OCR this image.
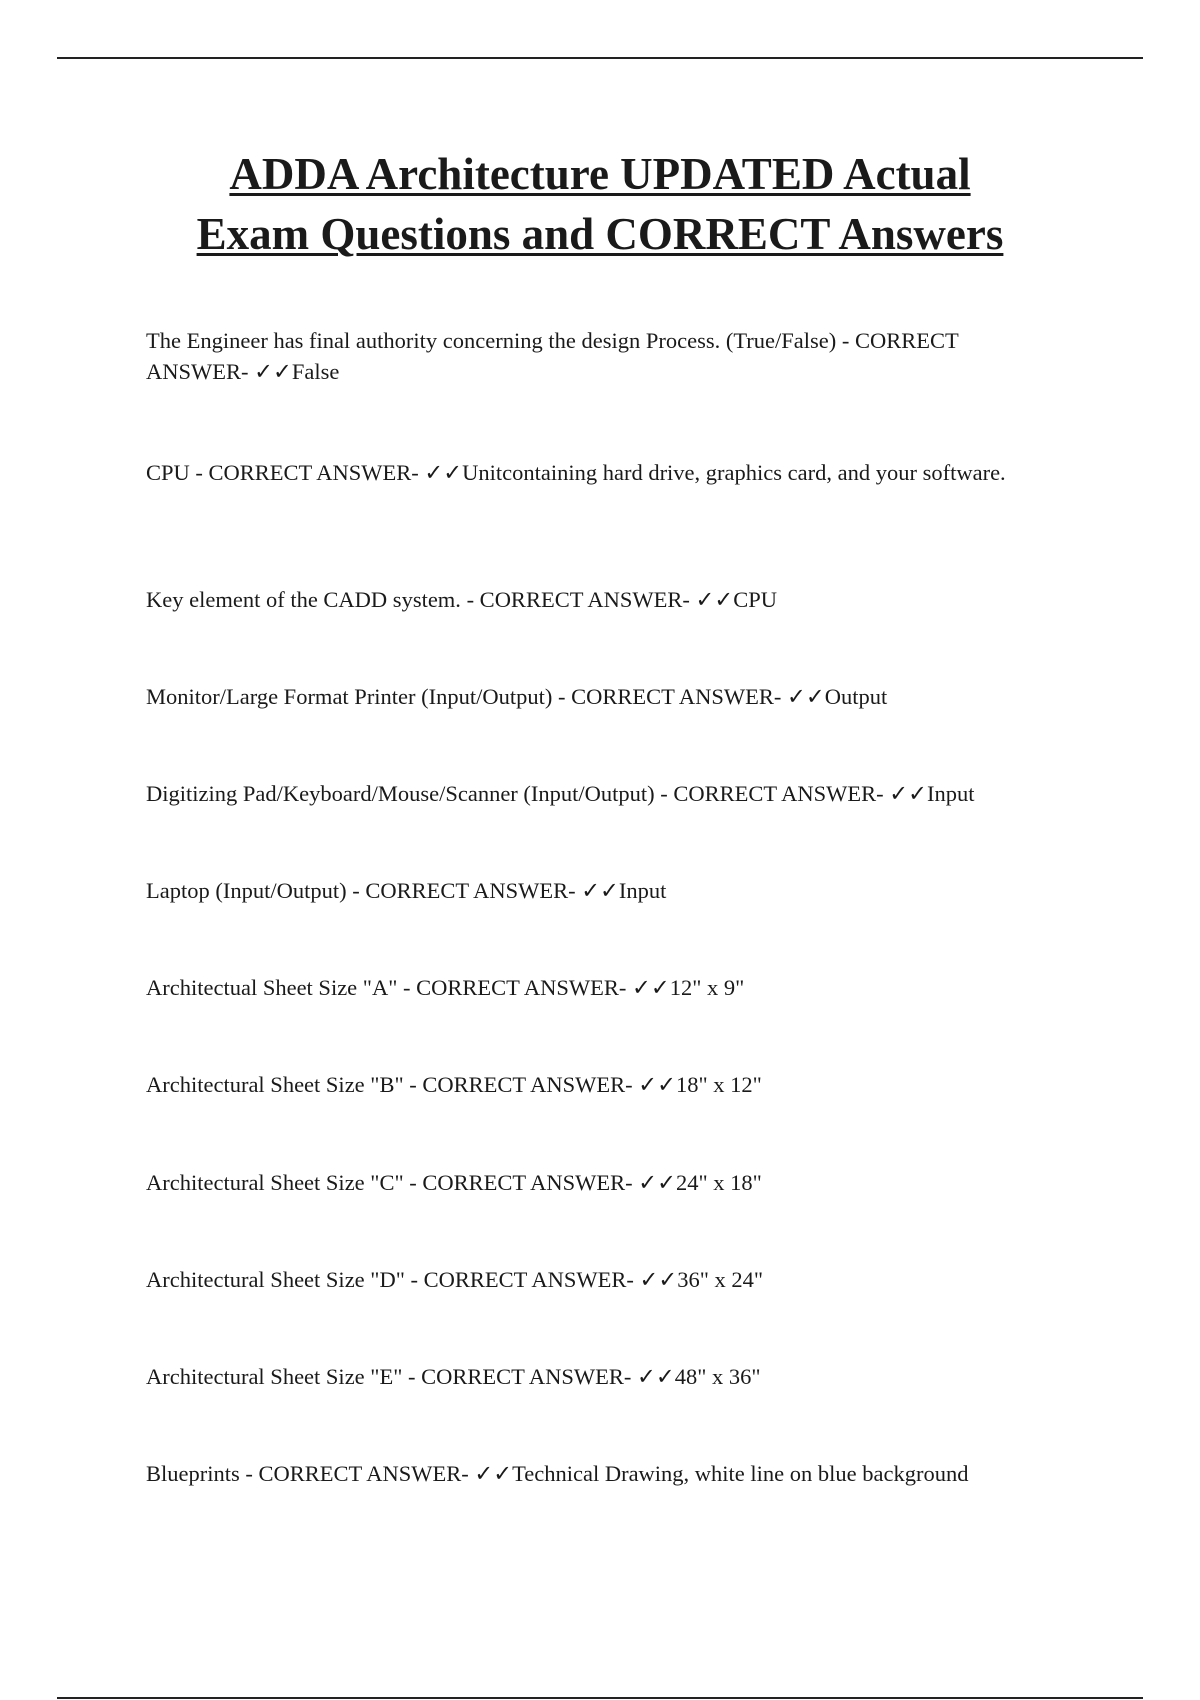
ADDA Architecture UPDATED Actual
Exam Questions and CORRECT Answers

The Engineer has final authority concerning the design Process. (True/False) - CORRECT ANSWER- ✓✓False

CPU - CORRECT ANSWER- ✓✓Unitcontaining hard drive, graphics card, and your software.

Key element of the CADD system. - CORRECT ANSWER- ✓✓CPU

Monitor/Large Format Printer (Input/Output) - CORRECT ANSWER- ✓✓Output

Digitizing Pad/Keyboard/Mouse/Scanner (Input/Output) - CORRECT ANSWER- ✓✓Input

Laptop (Input/Output) - CORRECT ANSWER- ✓✓Input

Architectual Sheet Size "A" - CORRECT ANSWER- ✓✓12" x 9"

Architectural Sheet Size "B" - CORRECT ANSWER- ✓✓18" x 12"

Architectural Sheet Size "C" - CORRECT ANSWER- ✓✓24" x 18"

Architectural Sheet Size "D" - CORRECT ANSWER- ✓✓36" x 24"

Architectural Sheet Size "E" - CORRECT ANSWER- ✓✓48" x 36"

Blueprints - CORRECT ANSWER- ✓✓Technical Drawing, white line on blue background
